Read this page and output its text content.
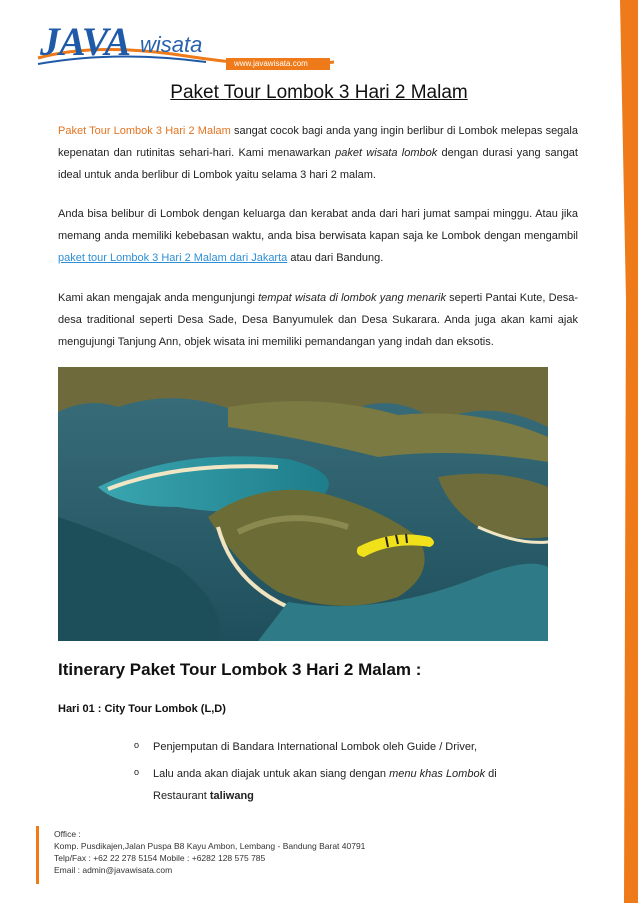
JAVA wisata
www.javawisata.com
Paket Tour Lombok 3 Hari 2 Malam
Paket Tour Lombok 3 Hari 2 Malam sangat cocok bagi anda yang ingin berlibur di Lombok melepas segala kepenatan dan rutinitas sehari-hari. Kami menawarkan paket wisata lombok dengan durasi yang sangat ideal untuk anda berlibur di Lombok yaitu selama 3 hari 2 malam.
Anda bisa belibur di Lombok dengan keluarga dan kerabat anda dari hari jumat sampai minggu. Atau jika memang anda memiliki kebebasan waktu, anda bisa berwisata kapan saja ke Lombok dengan mengambil paket tour Lombok 3 Hari 2 Malam dari Jakarta atau dari Bandung.
Kami akan mengajak anda mengunjungi tempat wisata di lombok yang menarik seperti Pantai Kute, Desa-desa traditional seperti Desa Sade, Desa Banyumulek dan Desa Sukarara. Anda juga akan kami ajak mengujungi Tanjung Ann, objek wisata ini memiliki pemandangan yang indah dan eksotis.
Itinerary Paket Tour Lombok 3 Hari 2 Malam :
Hari 01 : City Tour Lombok (L,D)
o Penjemputan di Bandara International Lombok oleh Guide / Driver,
o Lalu anda akan diajak untuk akan siang dengan menu khas Lombok di
Restaurant taliwang
Office :
Komp. Pusdikajen,Jalan Puspa B8 Kayu Ambon, Lembang - Bandung Barat 40791
Telp/Fax : +62 22 278 5154 Mobile : +6282 128 575 785
Email : admin@javawisata.com
